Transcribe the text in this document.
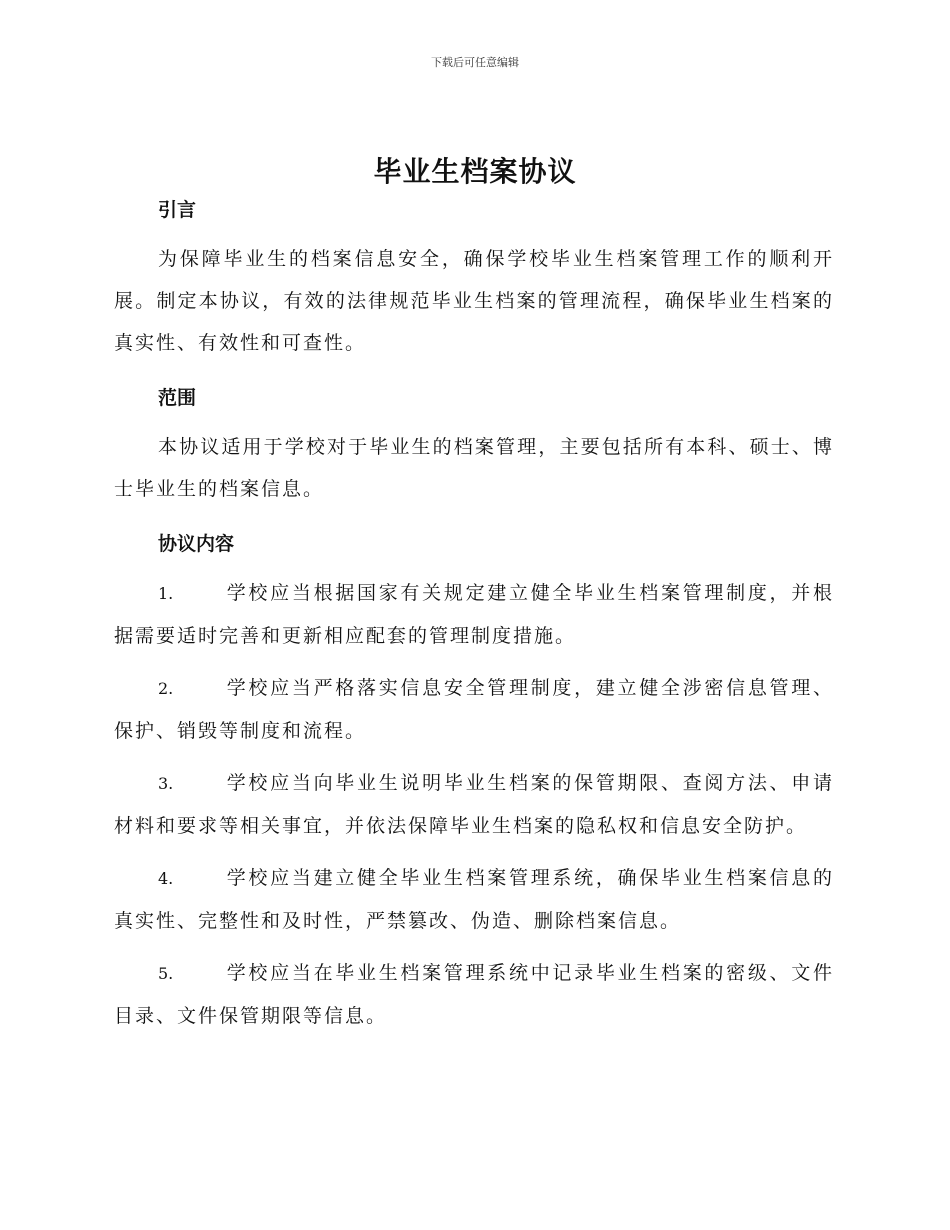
下载后可任意编辑
毕业生档案协议
引言

为保障毕业生的档案信息安全，确保学校毕业生档案管理工作的顺利开展。制定本协议，有效的法律规范毕业生档案的管理流程，确保毕业生档案的真实性、有效性和可查性。

范围

本协议适用于学校对于毕业生的档案管理，主要包括所有本科、硕士、博士毕业生的档案信息。

协议内容

1.	学校应当根据国家有关规定建立健全毕业生档案管理制度，并根据需要适时完善和更新相应配套的管理制度措施。

2.	学校应当严格落实信息安全管理制度，建立健全涉密信息管理、保护、销毁等制度和流程。

3.	学校应当向毕业生说明毕业生档案的保管期限、查阅方法、申请材料和要求等相关事宜，并依法保障毕业生档案的隐私权和信息安全防护。

4.	学校应当建立健全毕业生档案管理系统，确保毕业生档案信息的真实性、完整性和及时性，严禁篡改、伪造、删除档案信息。

5.	学校应当在毕业生档案管理系统中记录毕业生档案的密级、文件目录、文件保管期限等信息。
